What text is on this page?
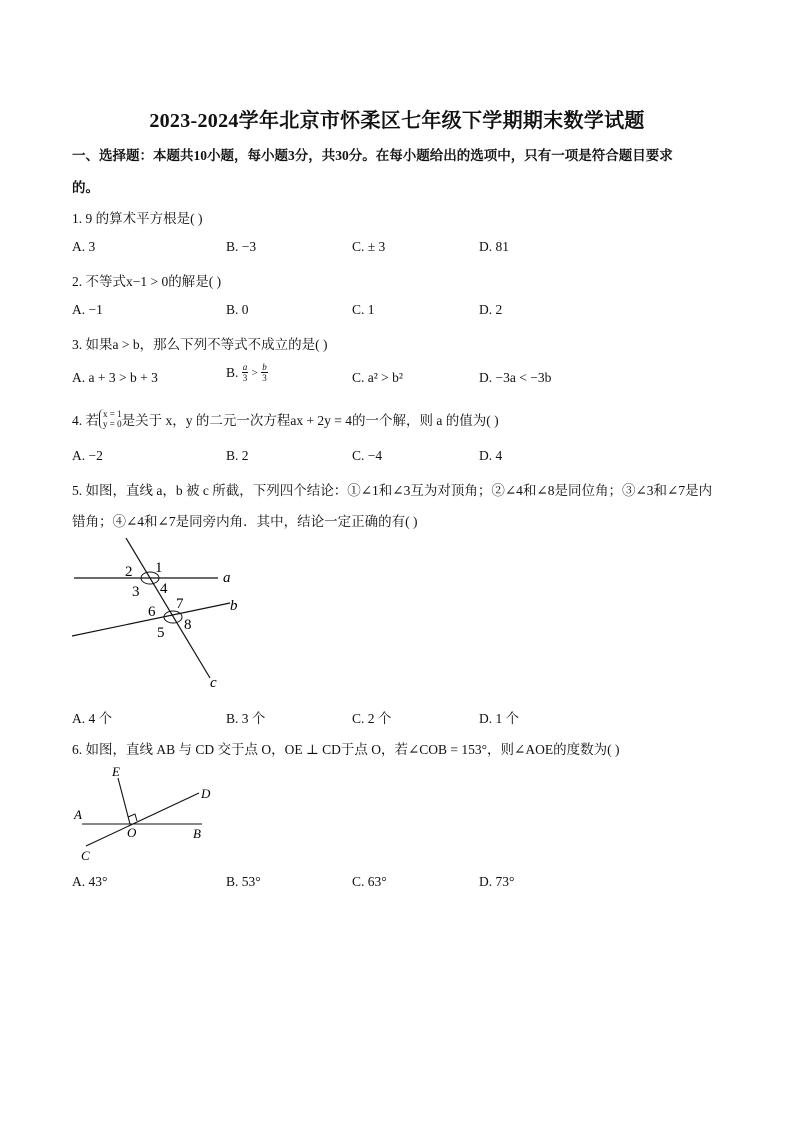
2023-2024学年北京市怀柔区七年级下学期期末数学试题
一、选择题：本题共10小题，每小题3分，共30分。在每小题给出的选项中，只有一项是符合题目要求
的。
1. 9 的算术平方根是( )
A. 3	B. −3	C. ± 3	D. 81
2. 不等式x−1 > 0的解是( )
A. −1	B. 0	C. 1	D. 2
3. 如果a > b，那么下列不等式不成立的是( )
A. a + 3 > b + 3	B. $\frac{a}{3} > \frac{b}{3}$	C. a² > b²	D. −3a < −3b
4. 若 x = 1
y = 0 是关于 x，y 的二元一次方程ax + 2y = 4的一个解，则 a 的值为( )
A. −2	B. 2	C. −4	D. 4
5. 如图，直线 a，b 被 c 所截，下列四个结论：①∠1和∠3互为对顶角；②∠4和∠8是同位角；③∠3和∠7是内
错角；④∠4和∠7是同旁内角．其中，结论一定正确的有( )
a
b
c
1
2
3 4
5
6 7
8
A. 4 个	B. 3 个	C. 2 个	D. 1 个
6. 如图，直线 AB 与 CD 交于点 O，OE ⊥ CD于点 O，若∠COB = 153°，则∠AOE的度数为( )
A
B
C
D
E
O
A. 43°	B. 53°	C. 63°	D. 73°
